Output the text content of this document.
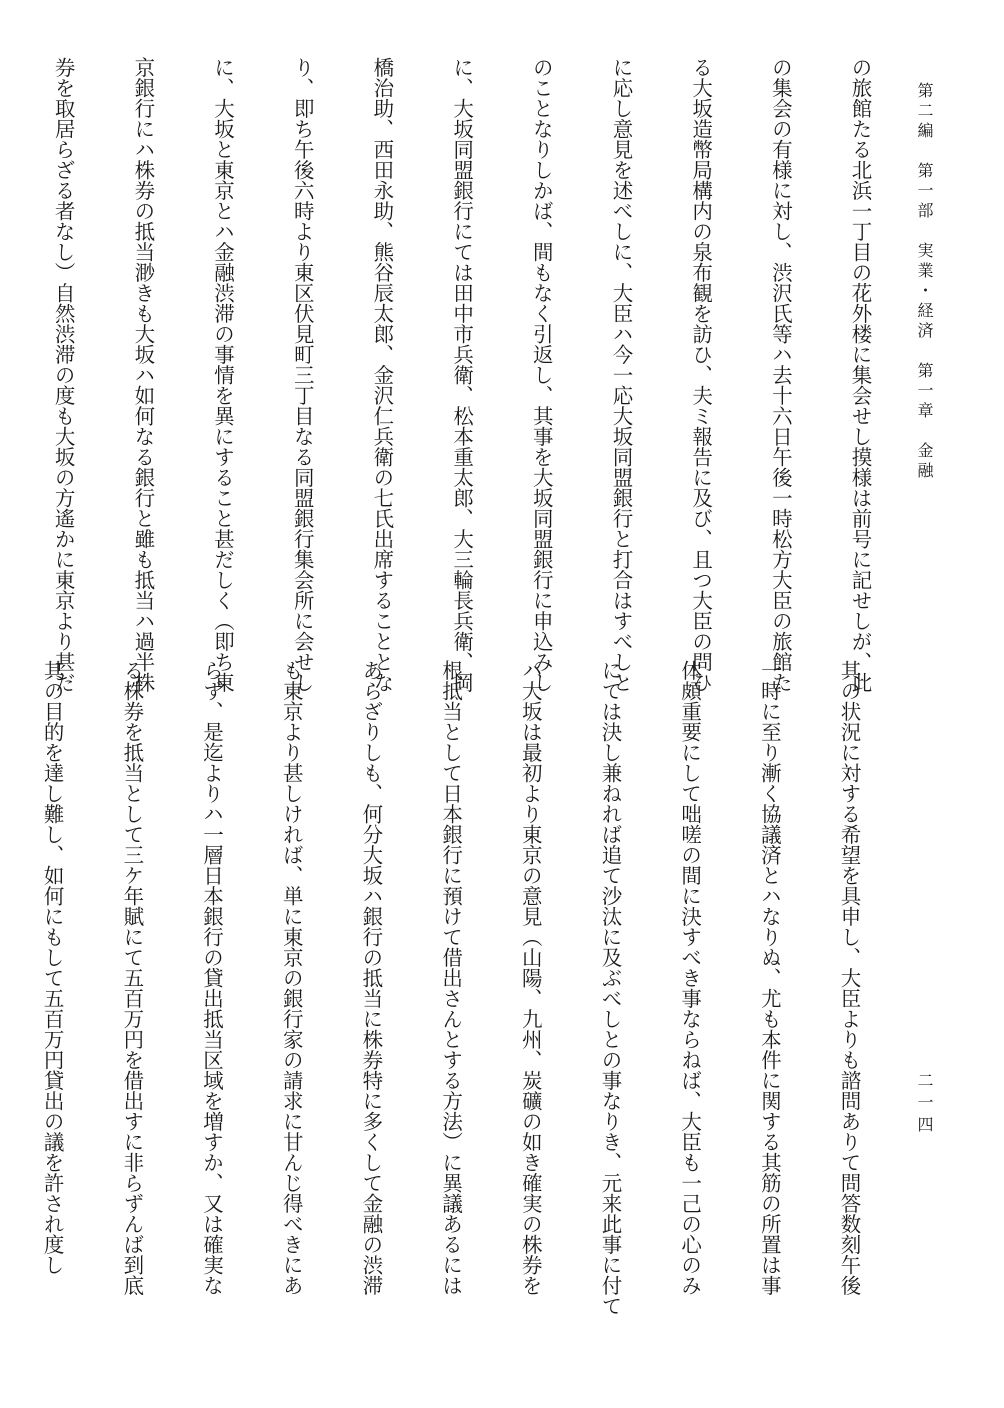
第二編　第一部　実業・経済　第一章　金融
二一四

の旅館たる北浜一丁目の花外楼に集会せし摸様は前号に記せしが、此

の集会の有様に対し、渋沢氏等ハ去十六日午後一時松方大臣の旅館た

る大坂造幣局構内の泉布観を訪ひ、夫ミ報告に及び、且つ大臣の問ひ

に応し意見を述べしに、大臣ハ今一応大坂同盟銀行と打合はすべしと

のことなりしかば、間もなく引返し、其事を大坂同盟銀行に申込みし

に、大坂同盟銀行にては田中市兵衛、松本重太郎、大三輪長兵衛、岡

橋治助、西田永助、熊谷辰太郎、金沢仁兵衛の七氏出席することとな

り、即ち午後六時より東区伏見町三丁目なる同盟銀行集会所に会せし

に、大坂と東京とハ金融渋滞の事情を異にすること甚だしく（即ち東

京銀行にハ株券の抵当渺きも大坂ハ如何なる銀行と雖も抵当ハ過半株

券を取居らざる者なし）自然渋滞の度も大坂の方遙かに東京より甚だ

其の状況に対する希望を具申し、大臣よりも諮問ありて問答数刻午後

一時に至り漸く協議済とハなりぬ、尤も本件に関する其筋の所置は事

体頗重要にして咄嗟の間に決すべき事ならねば、大臣も一己の心のみ

にては決し兼ねれば追て沙汰に及ぶべしとの事なりき、元来此事に付て

ハ大坂は最初より東京の意見（山陽、九州、炭礦の如き確実の株券を

根抵当として日本銀行に預けて借出さんとする方法）に異議あるには

あらざりしも、何分大坂ハ銀行の抵当に株券特に多くして金融の渋滞

も東京より甚しければ、単に東京の銀行家の請求に甘んじ得べきにあ

らず、是迄よりハ一層日本銀行の貸出抵当区域を増すか、又は確実な

る株券を抵当として三ケ年賦にて五百万円を借出すに非らずんば到底

其の目的を達し難し、如何にもして五百万円貸出の議を許され度し
